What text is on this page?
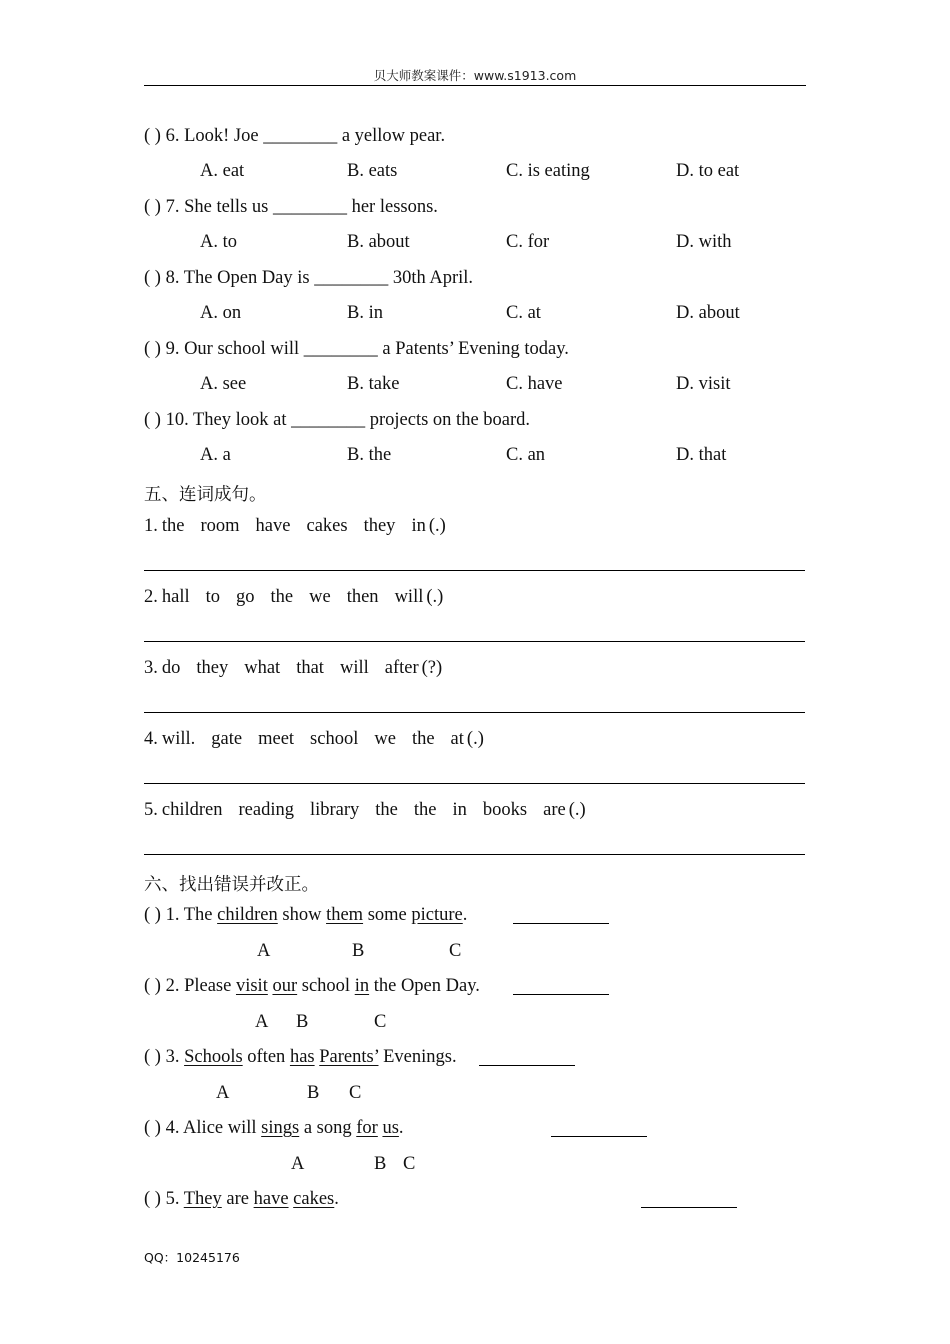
贝大师教案课件：www.s1913.com
( ) 6. Look! Joe ________ a yellow pear.
A. eat	B. eats	C. is eating	D. to eat
( ) 7. She tells us ________ her lessons.
A. to	B. about	C. for	D. with
( ) 8. The Open Day is ________ 30th April.
A. on	B. in	C. at	D. about
( ) 9. Our school will ________ a Patents’ Evening today.
A. see	B. take	C. have	D. visit
( ) 10. They look at ________ projects on the board.
A. a	B. the	C. an	D. that
五、连词成句。
1. the room have cakes they in (.)
2. hall to go the we then will (.)
3. do they what that will after (?)
4. will. gate meet school we the at (.)
5. children reading library the the in books are (.)
六、找出错误并改正。
( ) 1. The children show them some picture.
A	B	C
( ) 2. Please visit our school in the Open Day.
A B	C
( ) 3. Schools often has Parents’ Evenings.
A	B C
( ) 4. Alice will sings a song for us.
A	B C
( ) 5. They are have cakes.
QQ：10245176
